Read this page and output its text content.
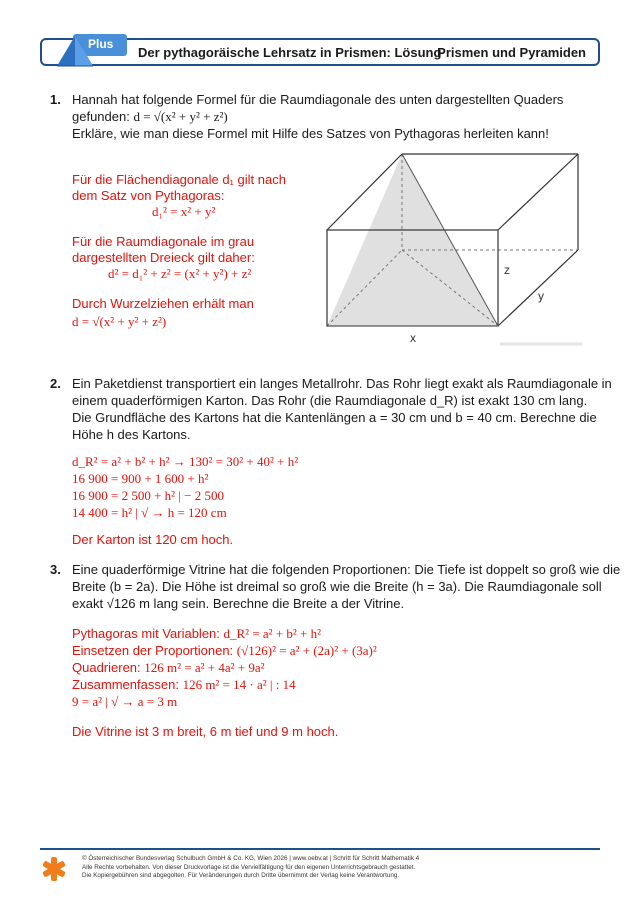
Der pythagoräische Lehrsatz in Prismen: Lösung
Prismen und Pyramiden
Plus
1. Hannah hat folgende Formel für die Raumdiagonale des unten dargestellten Quaders
gefunden: d = √(x² + y² + z²)
Erkläre, wie man diese Formel mit Hilfe des Satzes von Pythagoras herleiten kann!
Für die Flächendiagonale d₁ gilt nach
dem Satz von Pythagoras:
d₁² = x² + y²
Für die Raumdiagonale im grau
dargestellten Dreieck gilt daher:
d² = d₁² + z² = (x² + y²) + z²
Durch Wurzelziehen erhält man
d = √(x² + y² + z²)
x
y
z
2. Ein Paketdienst transportiert ein langes Metallrohr. Das Rohr liegt exakt als Raumdiagonale in
einem quaderförmigen Karton. Das Rohr (die Raumdiagonale d_R) ist exakt 130 cm lang.
Die Grundfläche des Kartons hat die Kantenlängen a = 30 cm und b = 40 cm. Berechne die
Höhe h des Kartons.
d_R² = a² + b² + h² → 130² = 30² + 40² + h²
16 900 = 900 + 1 600 + h²
16 900 = 2 500 + h² | − 2 500
14 400 = h² | √ → h = 120 cm
Der Karton ist 120 cm hoch.
3. Eine quaderförmige Vitrine hat die folgenden Proportionen: Die Tiefe ist doppelt so groß wie die
Breite (b = 2a). Die Höhe ist dreimal so groß wie die Breite (h = 3a). Die Raumdiagonale soll
exakt √126 m lang sein. Berechne die Breite a der Vitrine.
Pythagoras mit Variablen: d_R² = a² + b² + h²
Einsetzen der Proportionen: (√126)² = a² + (2a)² + (3a)²
Quadrieren: 126 m² = a² + 4a² + 9a²
Zusammenfassen: 126 m² = 14 · a² | : 14
9 = a² | √ → a = 3 m
Die Vitrine ist 3 m breit, 6 m tief und 9 m hoch.
© Österreichischer Bundesverlag Schulbuch GmbH & Co. KG, Wien 2026 | www.oebv.at | Schritt für Schritt Mathematik 4
Alle Rechte vorbehalten. Von dieser Druckvorlage ist die Vervielfältigung für den eigenen Unterrichtsgebrauch gestattet.
Die Kopiergebühren sind abgegolten. Für Veränderungen durch Dritte übernimmt der Verlag keine Verantwortung.
